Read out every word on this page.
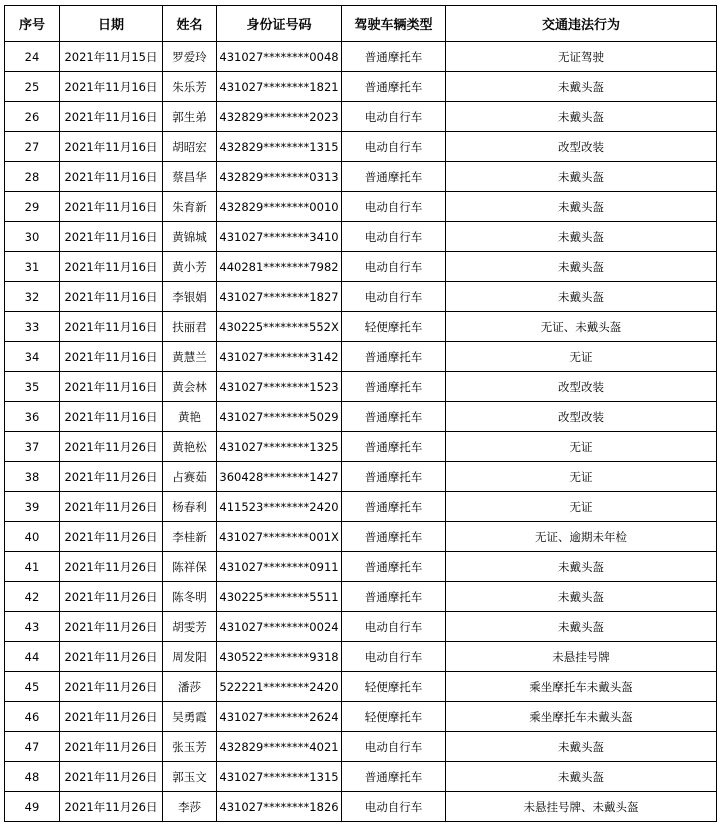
序号	日期	姓名	身份证号码	驾驶车辆类型	交通违法行为
24	2021年11月15日	罗爱玲	431027********0048	普通摩托车	无证驾驶
25	2021年11月16日	朱乐芳	431027********1821	普通摩托车	未戴头盔
26	2021年11月16日	郭生弟	432829********2023	电动自行车	未戴头盔
27	2021年11月16日	胡昭宏	432829********1315	电动自行车	改型改装
28	2021年11月16日	蔡昌华	432829********0313	普通摩托车	未戴头盔
29	2021年11月16日	朱育新	432829********0010	电动自行车	未戴头盔
30	2021年11月16日	黄锦城	431027********3410	电动自行车	未戴头盔
31	2021年11月16日	黄小芳	440281********7982	电动自行车	未戴头盔
32	2021年11月16日	李银娟	431027********1827	电动自行车	未戴头盔
33	2021年11月16日	扶丽君	430225********552X	轻便摩托车	无证、未戴头盔
34	2021年11月16日	黄慧兰	431027********3142	普通摩托车	无证
35	2021年11月16日	黄会林	431027********1523	普通摩托车	改型改装
36	2021年11月16日	黄艳	431027********5029	普通摩托车	改型改装
37	2021年11月26日	黄艳松	431027********1325	普通摩托车	无证
38	2021年11月26日	占赛茹	360428********1427	普通摩托车	无证
39	2021年11月26日	杨春利	411523********2420	普通摩托车	无证
40	2021年11月26日	李桂新	431027********001X	普通摩托车	无证、逾期未年检
41	2021年11月26日	陈祥保	431027********0911	普通摩托车	未戴头盔
42	2021年11月26日	陈冬明	430225********5511	普通摩托车	未戴头盔
43	2021年11月26日	胡雯芳	431027********0024	电动自行车	未戴头盔
44	2021年11月26日	周发阳	430522********9318	电动自行车	未悬挂号牌
45	2021年11月26日	潘莎	522221********2420	轻便摩托车	乘坐摩托车未戴头盔
46	2021年11月26日	吴勇霞	431027********2624	轻便摩托车	乘坐摩托车未戴头盔
47	2021年11月26日	张玉芳	432829********4021	电动自行车	未戴头盔
48	2021年11月26日	郭玉文	431027********1315	普通摩托车	未戴头盔
49	2021年11月26日	李莎	431027********1826	电动自行车	未悬挂号牌、未戴头盔
